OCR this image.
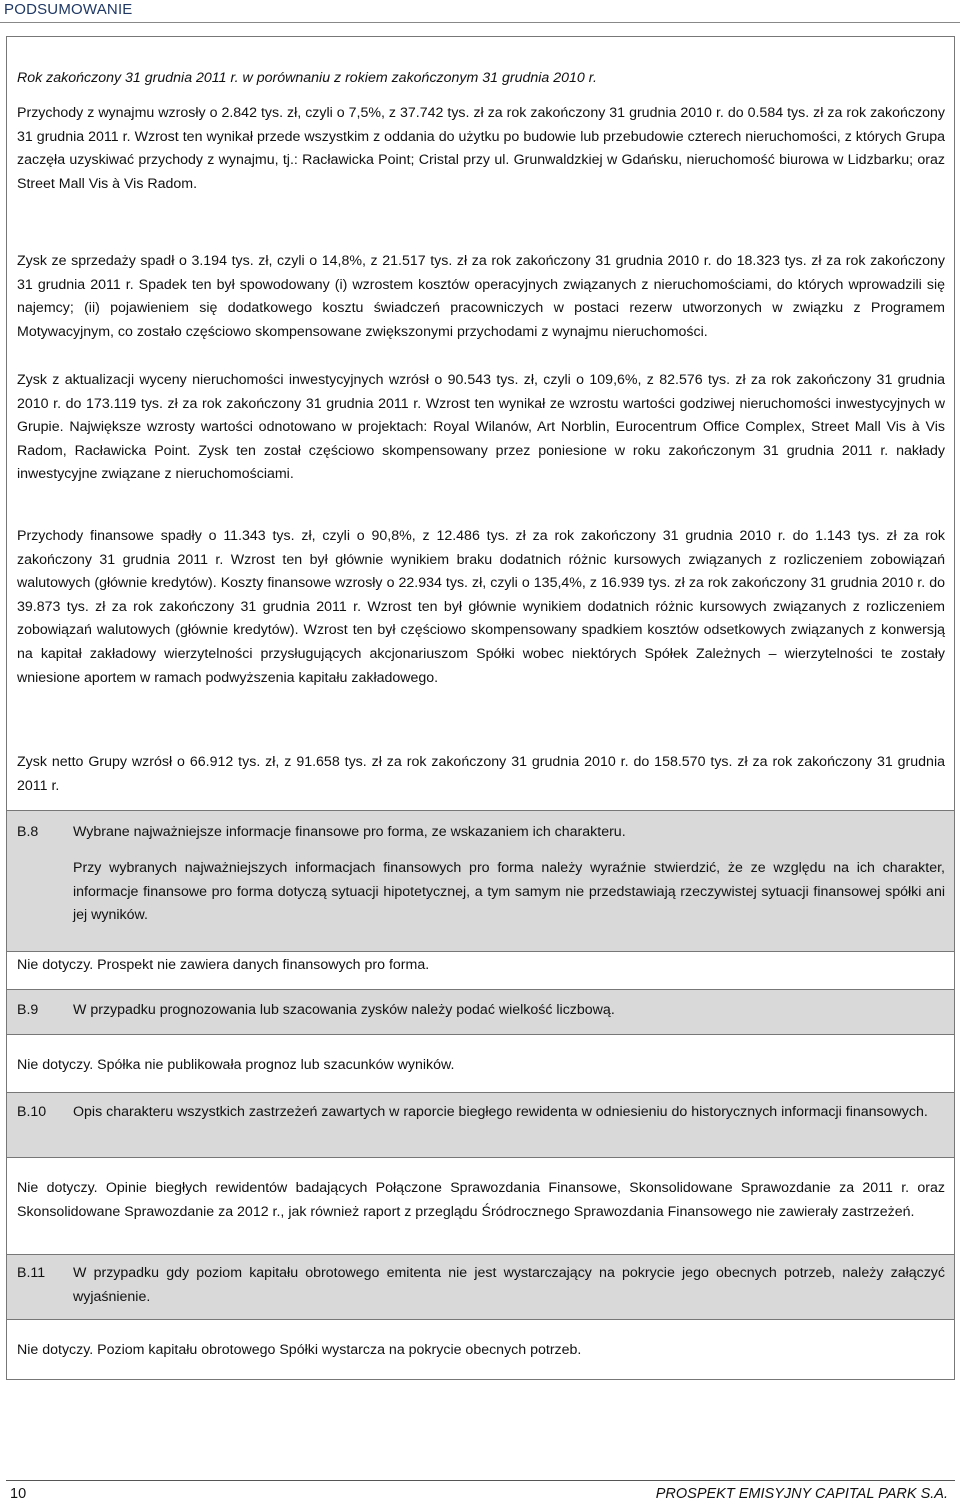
PODSUMOWANIE
Rok zakończony 31 grudnia 2011 r. w porównaniu z rokiem zakończonym 31 grudnia 2010 r.
Przychody z wynajmu wzrosły o 2.842 tys. zł, czyli o 7,5%, z 37.742 tys. zł za rok zakończony 31 grudnia 2010 r. do 0.584 tys. zł za rok zakończony 31 grudnia 2011 r. Wzrost ten wynikał przede wszystkim z oddania do użytku po budowie lub przebudowie czterech nieruchomości, z których Grupa zaczęła uzyskiwać przychody z wynajmu, tj.: Racławicka Point; Cristal przy ul. Grunwaldzkiej w Gdańsku, nieruchomość biurowa w Lidzbarku; oraz Street Mall Vis à Vis Radom.
Zysk ze sprzedaży spadł o 3.194 tys. zł, czyli o 14,8%, z 21.517 tys. zł za rok zakończony 31 grudnia 2010 r. do 18.323 tys. zł za rok zakończony 31 grudnia 2011 r. Spadek ten był spowodowany (i) wzrostem kosztów operacyjnych związanych z nieruchomościami, do których wprowadzili się najemcy; (ii) pojawieniem się dodatkowego kosztu świadczeń pracowniczych w postaci rezerw utworzonych w związku z Programem Motywacyjnym, co zostało częściowo skompensowane zwiększonymi przychodami z wynajmu nieruchomości.
Zysk z aktualizacji wyceny nieruchomości inwestycyjnych wzrósł o 90.543 tys. zł, czyli o 109,6%, z 82.576 tys. zł za rok zakończony 31 grudnia 2010 r. do 173.119 tys. zł za rok zakończony 31 grudnia 2011 r. Wzrost ten wynikał ze wzrostu wartości godziwej nieruchomości inwestycyjnych w Grupie. Największe wzrosty wartości odnotowano w projektach: Royal Wilanów, Art Norblin, Eurocentrum Office Complex, Street Mall Vis à Vis Radom, Racławicka Point. Zysk ten został częściowo skompensowany przez poniesione w roku zakończonym 31 grudnia 2011 r. nakłady inwestycyjne związane z nieruchomościami.
Przychody finansowe spadły o 11.343 tys. zł, czyli o 90,8%, z 12.486 tys. zł za rok zakończony 31 grudnia 2010 r. do 1.143 tys. zł za rok zakończony 31 grudnia 2011 r. Wzrost ten był głównie wynikiem braku dodatnich różnic kursowych związanych z rozliczeniem zobowiązań walutowych (głównie kredytów). Koszty finansowe wzrosły o 22.934 tys. zł, czyli o 135,4%, z 16.939 tys. zł za rok zakończony 31 grudnia 2010 r. do 39.873 tys. zł za rok zakończony 31 grudnia 2011 r. Wzrost ten był głównie wynikiem dodatnich różnic kursowych związanych z rozliczeniem zobowiązań walutowych (głównie kredytów). Wzrost ten był częściowo skompensowany spadkiem kosztów odsetkowych związanych z konwersją na kapitał zakładowy wierzytelności przysługujących akcjonariuszom Spółki wobec niektórych Spółek Zależnych – wierzytelności te zostały wniesione aportem w ramach podwyższenia kapitału zakładowego.
Zysk netto Grupy wzrósł o 66.912 tys. zł, z 91.658 tys. zł za rok zakończony 31 grudnia 2010 r. do 158.570 tys. zł za rok zakończony 31 grudnia 2011 r.
B.8 Wybrane najważniejsze informacje finansowe pro forma, ze wskazaniem ich charakteru.
Przy wybranych najważniejszych informacjach finansowych pro forma należy wyraźnie stwierdzić, że ze względu na ich charakter, informacje finansowe pro forma dotyczą sytuacji hipotetycznej, a tym samym nie przedstawiają rzeczywistej sytuacji finansowej spółki ani jej wyników.
Nie dotyczy. Prospekt nie zawiera danych finansowych pro forma.
B.9 W przypadku prognozowania lub szacowania zysków należy podać wielkość liczbową.
Nie dotyczy. Spółka nie publikowała prognoz lub szacunków wyników.
B.10 Opis charakteru wszystkich zastrzeżeń zawartych w raporcie biegłego rewidenta w odniesieniu do historycznych informacji finansowych.
Nie dotyczy. Opinie biegłych rewidentów badających Połączone Sprawozdania Finansowe, Skonsolidowane Sprawozdanie za 2011 r. oraz Skonsolidowane Sprawozdanie za 2012 r., jak również raport z przeglądu Śródrocznego Sprawozdania Finansowego nie zawierały zastrzeżeń.
B.11 W przypadku gdy poziom kapitału obrotowego emitenta nie jest wystarczający na pokrycie jego obecnych potrzeb, należy załączyć wyjaśnienie.
Nie dotyczy. Poziom kapitału obrotowego Spółki wystarcza na pokrycie obecnych potrzeb.
10	PROSPEKT EMISYJNY CAPITAL PARK S.A.
